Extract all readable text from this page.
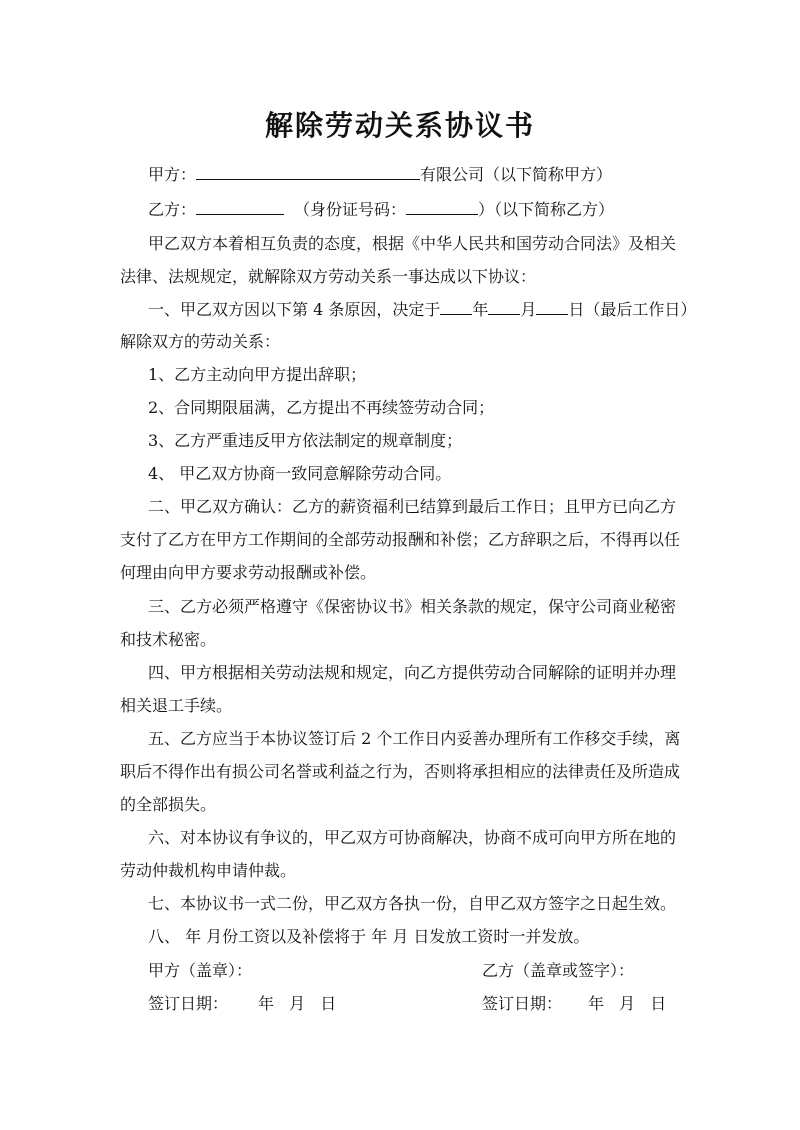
解除劳动关系协议书
甲方：	有限公司（以下简称甲方）
乙方：	（身份证号码：	）（以下简称乙方）
甲乙双方本着相互负责的态度，根据《中华人民共和国劳动合同法》及相关
法律、法规规定，就解除双方劳动关系一事达成以下协议：
一、甲乙双方因以下第 4 条原因，决定于 年 月 日（最后工作日）
解除双方的劳动关系：
1、乙方主动向甲方提出辞职；
2、合同期限届满，乙方提出不再续签劳动合同；
3、乙方严重违反甲方依法制定的规章制度；
4、 甲乙双方协商一致同意解除劳动合同。
二、甲乙双方确认：乙方的薪资福利已结算到最后工作日；且甲方已向乙方
支付了乙方在甲方工作期间的全部劳动报酬和补偿；乙方辞职之后，不得再以任
何理由向甲方要求劳动报酬或补偿。
三、乙方必须严格遵守《保密协议书》相关条款的规定，保守公司商业秘密
和技术秘密。
四、甲方根据相关劳动法规和规定，向乙方提供劳动合同解除的证明并办理
相关退工手续。
五、乙方应当于本协议签订后 2 个工作日内妥善办理所有工作移交手续，离
职后不得作出有损公司名誉或利益之行为，否则将承担相应的法律责任及所造成
的全部损失。
六、对本协议有争议的，甲乙双方可协商解决，协商不成可向甲方所在地的
劳动仲裁机构申请仲裁。
七、本协议书一式二份，甲乙双方各执一份，自甲乙双方签字之日起生效。
八、 年 月份工资以及补偿将于 年 月 日发放工资时一并发放。
甲方（盖章）：	乙方（盖章或签字）：
签订日期： 年 月 日	签订日期： 年 月 日
